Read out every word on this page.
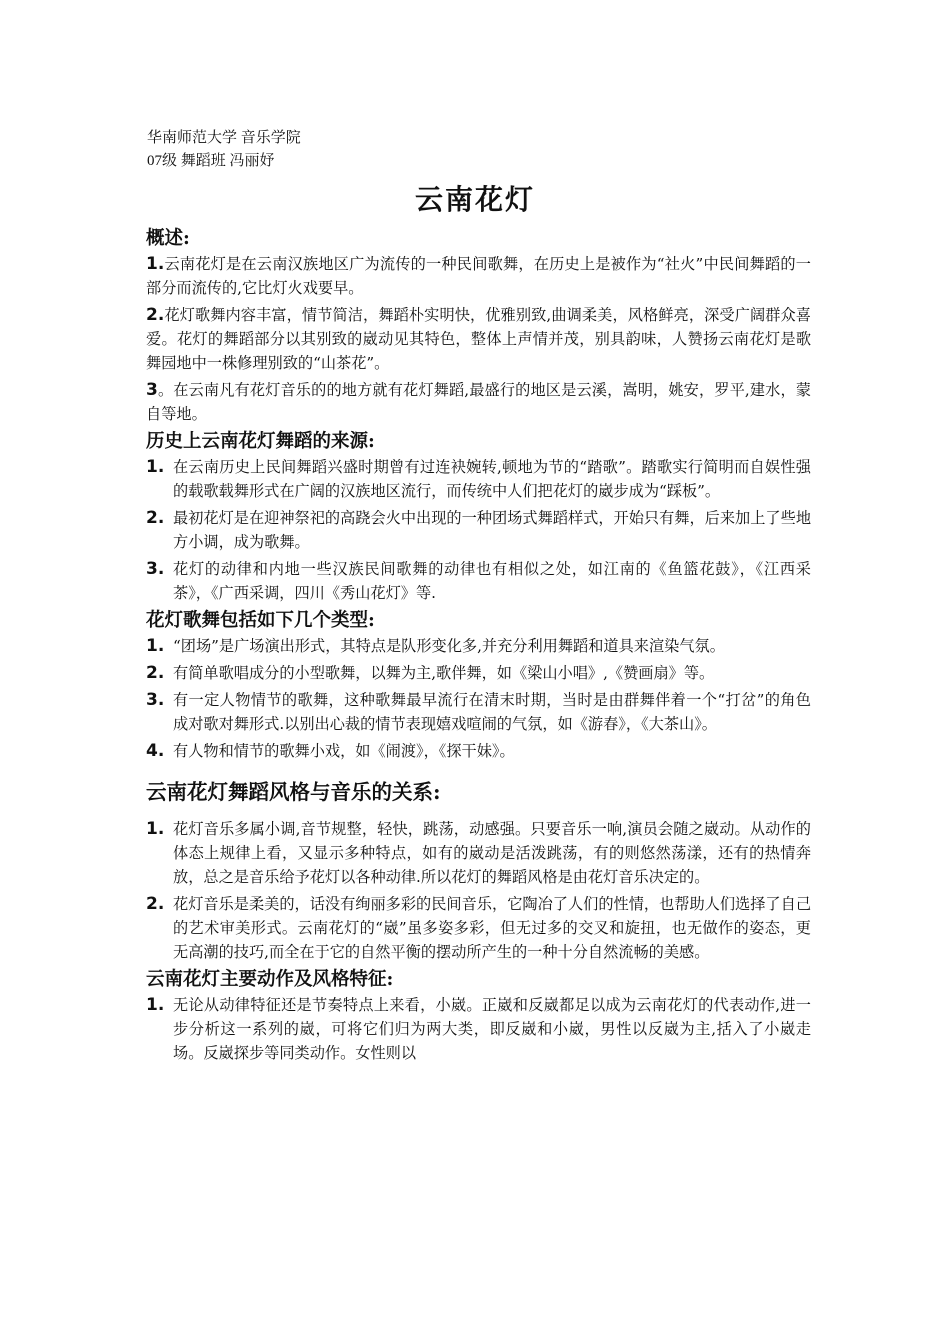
华南师范大学 音乐学院
07级 舞蹈班 冯丽妤
云南花灯
概述:

1.云南花灯是在云南汉族地区广为流传的一种民间歌舞，在历史上是被作为“社火”中民间舞蹈的一部分而流传的,它比灯火戏要早。

2.花灯歌舞内容丰富，情节简洁，舞蹈朴实明快，优雅别致,曲调柔美，风格鲜亮，深受广阔群众喜爱。花灯的舞蹈部分以其别致的崴动见其特色，整体上声情并茂，别具韵味，人赞扬云南花灯是歌舞园地中一株修理别致的“山茶花”。

3。在云南凡有花灯音乐的的地方就有花灯舞蹈,最盛行的地区是云溪，嵩明，姚安，罗平,建水，蒙自等地。

历史上云南花灯舞蹈的来源:
1. 在云南历史上民间舞蹈兴盛时期曾有过连袂婉转,顿地为节的“踏歌”。踏歌实行简明而自娱性强的载歌载舞形式在广阔的汉族地区流行，而传统中人们把花灯的崴步成为“踩板”。
2. 最初花灯是在迎神祭祀的高跷会火中出现的一种团场式舞蹈样式，开始只有舞，后来加上了些地方小调，成为歌舞。
3. 花灯的动律和内地一些汉族民间歌舞的动律也有相似之处，如江南的《鱼篮花鼓》，《江西采茶》，《广西采调，四川《秀山花灯》等.
花灯歌舞包括如下几个类型:
1. “团场”是广场演出形式，其特点是队形变化多,并充分利用舞蹈和道具来渲染气氛。
2. 有简单歌唱成分的小型歌舞，以舞为主,歌伴舞，如《梁山小唱》,《赞画扇》等。
3. 有一定人物情节的歌舞，这种歌舞最早流行在清末时期，当时是由群舞伴着一个“打岔”的角色成对歌对舞形式.以别出心裁的情节表现嬉戏喧闹的气氛，如《游春》，《大茶山》。
4. 有人物和情节的歌舞小戏，如《闹渡》，《探干妹》。
云南花灯舞蹈风格与音乐的关系:
1. 花灯音乐多属小调,音节规整，轻快，跳荡，动感强。只要音乐一响,演员会随之崴动。从动作的体态上规律上看，又显示多种特点，如有的崴动是活泼跳荡，有的则悠然荡漾，还有的热情奔放，总之是音乐给予花灯以各种动律.所以花灯的舞蹈风格是由花灯音乐决定的。
2. 花灯音乐是柔美的，话没有绚丽多彩的民间音乐，它陶冶了人们的性情，也帮助人们选择了自己的艺术审美形式。云南花灯的“崴”虽多姿多彩，但无过多的交叉和旋扭，也无做作的姿态，更无高潮的技巧,而全在于它的自然平衡的摆动所产生的一种十分自然流畅的美感。
云南花灯主要动作及风格特征:
1. 无论从动律特征还是节奏特点上来看，小崴。正崴和反崴都足以成为云南花灯的代表动作,进一步分析这一系列的崴，可将它们归为两大类，即反崴和小崴，男性以反崴为主,括入了小崴走场。反崴探步等同类动作。女性则以
